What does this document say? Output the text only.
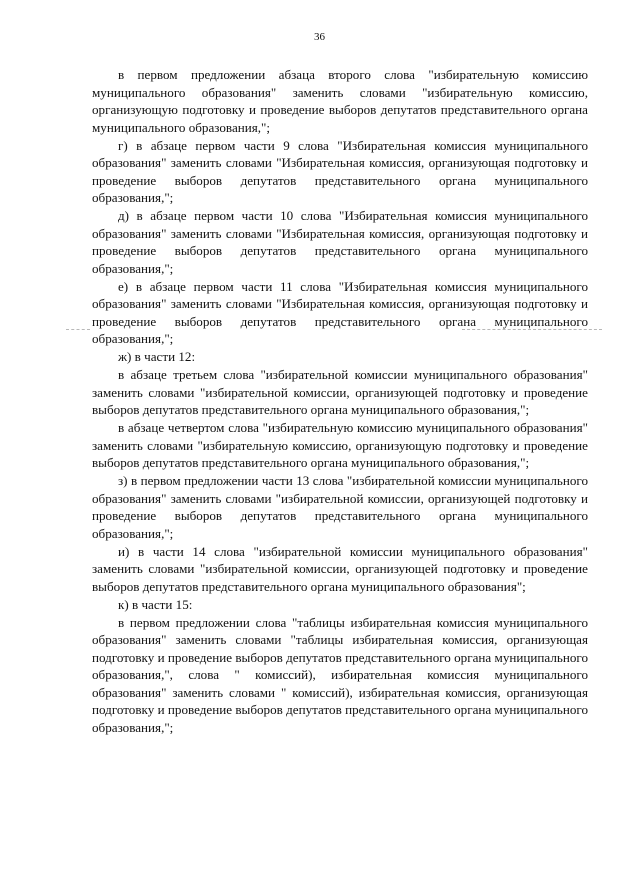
36

в первом предложении абзаца второго слова "избирательную комиссию муниципального образования" заменить словами "избирательную комиссию, организующую подготовку и проведение выборов депутатов представительного органа муниципального образования,";

г) в абзаце первом части 9 слова "Избирательная комиссия муниципального образования" заменить словами "Избирательная комиссия, организующая подготовку и проведение выборов депутатов представительного органа муниципального образования,";

д) в абзаце первом части 10 слова "Избирательная комиссия муниципального образования" заменить словами "Избирательная комиссия, организующая подготовку и проведение выборов депутатов представительного органа муниципального образования,";

е) в абзаце первом части 11 слова "Избирательная комиссия муниципального образования" заменить словами "Избирательная комиссия, организующая подготовку и проведение выборов депутатов представительного органа муниципального образования,";

ж) в части 12:

в абзаце третьем слова "избирательной комиссии муниципального образования" заменить словами "избирательной комиссии, организующей подготовку и проведение выборов депутатов представительного органа муниципального образования,";

в абзаце четвертом слова "избирательную комиссию муниципального образования" заменить словами "избирательную комиссию, организующую подготовку и проведение выборов депутатов представительного органа муниципального образования,";

з) в первом предложении части 13 слова "избирательной комиссии муниципального образования" заменить словами "избирательной комиссии, организующей подготовку и проведение выборов депутатов представительного органа муниципального образования,";

и) в части 14 слова "избирательной комиссии муниципального образования" заменить словами "избирательной комиссии, организующей подготовку и проведение выборов депутатов представительного органа муниципального образования";

к) в части 15:

в первом предложении слова "таблицы избирательная комиссия муниципального образования" заменить словами "таблицы избирательная комиссия, организующая подготовку и проведение выборов депутатов представительного органа муниципального образования,", слова " комиссий), избирательная комиссия муниципального образования" заменить словами " комиссий), избирательная комиссия, организующая подготовку и проведение выборов депутатов представительного органа муниципального образования,";
